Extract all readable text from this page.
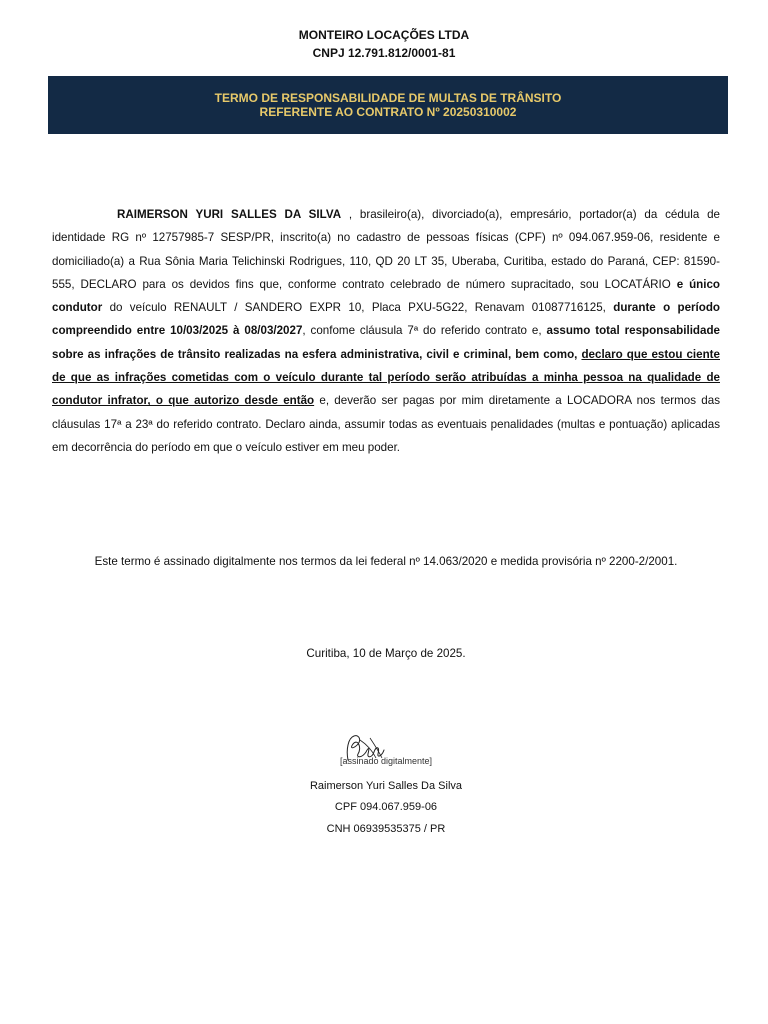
MONTEIRO LOCAÇÕES LTDA
CNPJ 12.791.812/0001-81
TERMO DE RESPONSABILIDADE DE MULTAS DE TRÂNSITO
REFERENTE AO CONTRATO Nº 20250310002

RAIMERSON YURI SALLES DA SILVA , brasileiro(a), divorciado(a), empresário, portador(a) da cédula de identidade RG nº 12757985-7 SESP/PR, inscrito(a) no cadastro de pessoas físicas (CPF) nº 094.067.959-06, residente e domiciliado(a) a Rua Sônia Maria Telichinski Rodrigues, 110, QD 20 LT 35, Uberaba, Curitiba, estado do Paraná, CEP: 81590-555, DECLARO para os devidos fins que, conforme contrato celebrado de número supracitado, sou LOCATÁRIO e único condutor do veículo RENAULT / SANDERO EXPR 10, Placa PXU-5G22, Renavam 01087716125, durante o período compreendido entre 10/03/2025 à 08/03/2027, confome cláusula 7ª do referido contrato e, assumo total responsabilidade sobre as infrações de trânsito realizadas na esfera administrativa, civil e criminal, bem como, declaro que estou ciente de que as infrações cometidas com o veículo durante tal período serão atribuídas a minha pessoa na qualidade de condutor infrator, o que autorizo desde então e, deverão ser pagas por mim diretamente a LOCADORA nos termos das cláusulas 17ª a 23ª do referido contrato. Declaro ainda, assumir todas as eventuais penalidades (multas e pontuação) aplicadas em decorrência do período em que o veículo estiver em meu poder.

Este termo é assinado digitalmente nos termos da lei federal nº 14.063/2020 e medida provisória nº 2200-2/2001.
Curitiba, 10 de Março de 2025.
[assinado digitalmente]
Raimerson Yuri Salles Da Silva
CPF 094.067.959-06
CNH 06939535375 / PR
